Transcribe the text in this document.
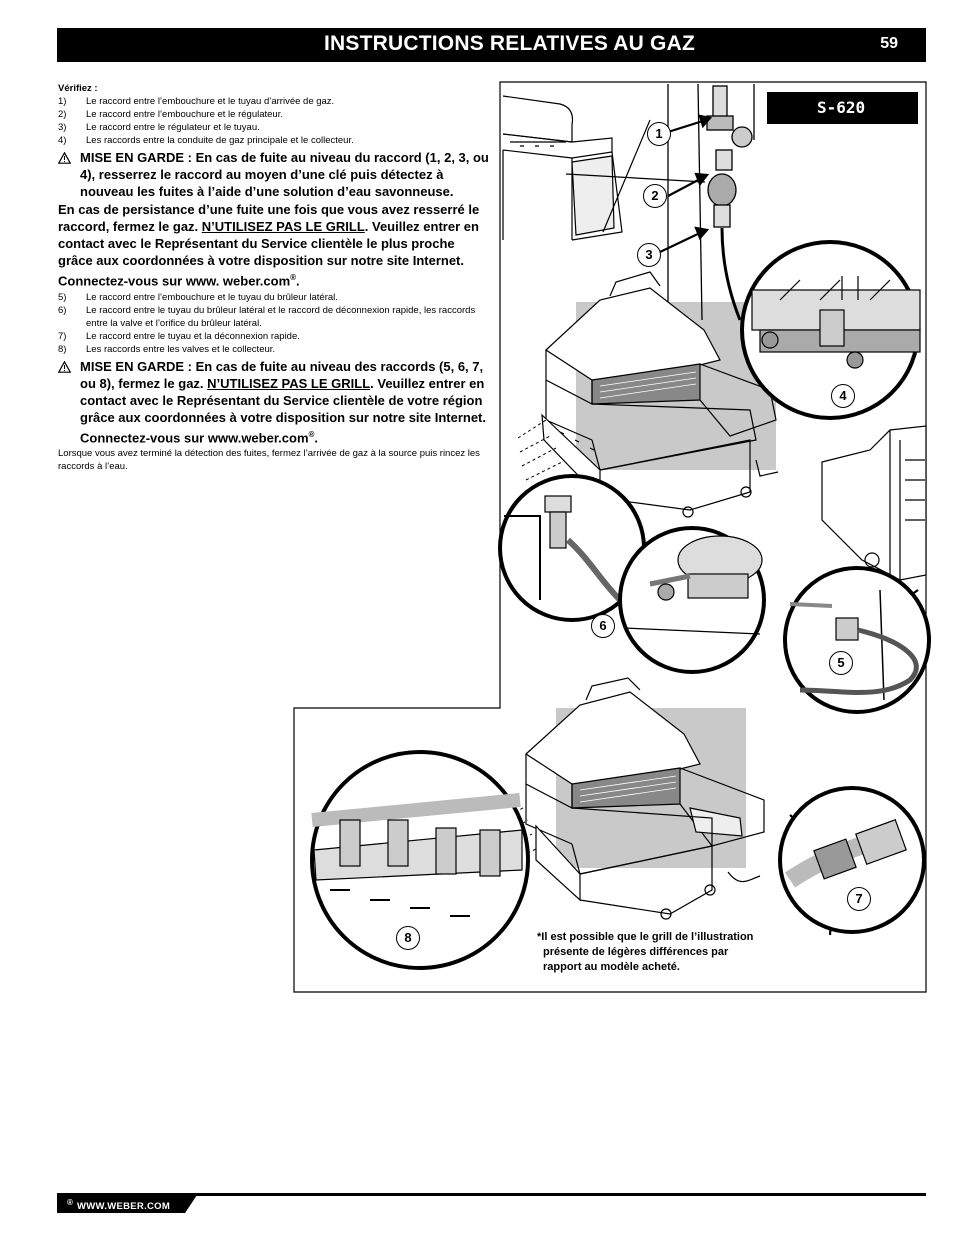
INSTRUCTIONS RELATIVES AU GAZ	59
Vérifiez :
1)	Le raccord entre l’embouchure et le tuyau d’arrivée de gaz.
2)	Le raccord entre l’embouchure et le régulateur.
3)	Le raccord entre le régulateur et le tuyau.
4)	Les raccords entre la conduite de gaz principale et le collecteur.
MISE EN GARDE : En cas de fuite au niveau du raccord (1, 2, 3, ou 4), resserrez le raccord au moyen d’une clé puis détectez à nouveau les fuites à l’aide d’une solution d’eau savonneuse.
En cas de persistance d’une fuite une fois que vous avez resserré le raccord, fermez le gaz. N’UTILISEZ PAS LE GRILL. Veuillez entrer en contact avec le Représentant du Service clientèle le plus proche grâce aux coordonnées à votre disposition sur notre site Internet. Connectez-vous sur www. weber.com®.
5)	Le raccord entre l’embouchure et le tuyau du brûleur latéral.
6)	Le raccord entre le tuyau du brûleur latéral et le raccord de déconnexion rapide, les raccords entre la valve et l’orifice du brûleur latéral.
7)	Le raccord entre le tuyau et la déconnexion rapide.
8)	Les raccords entre les valves et le collecteur.
MISE EN GARDE : En cas de fuite au niveau des raccords (5, 6, 7, ou 8), fermez le gaz. N’UTILISEZ PAS LE GRILL. Veuillez entrer en contact avec le Représentant du Service clientèle de votre région grâce aux coordonnées à votre disposition sur notre site Internet. Connectez-vous sur www.weber.com®.
Lorsque vous avez terminé la détection des fuites, fermez l’arrivée de gaz à la source puis rincez les raccords à l’eau.
S-620
1
2
3
4
5
6
7
8	*Il est possible que le grill de l’illustration
présente de légères différences par
rapport au modèle acheté.
WWW.WEBER.COM
®
